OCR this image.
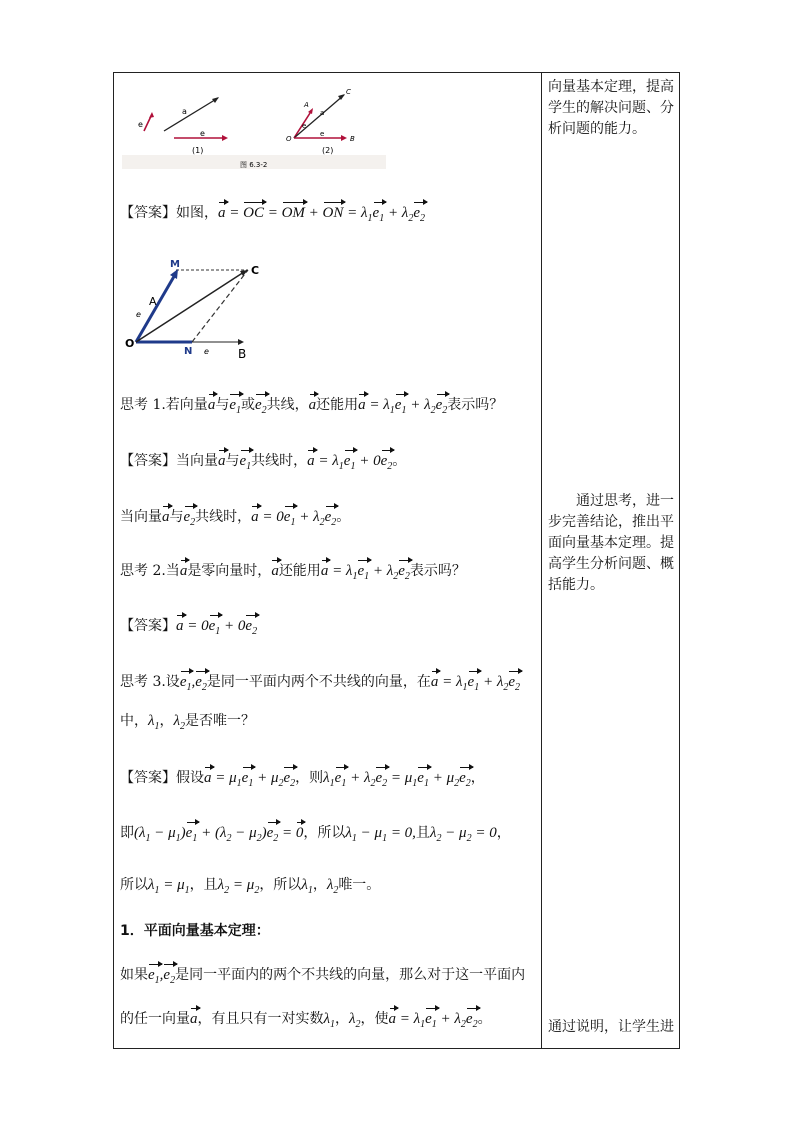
e
a
e
(1)
A
C
O	B
a
e
e
(2)
图 6.3-2
【答案】如图，a = OC = OM + ON = $\lambda_1e_1 + \lambda_2e_2$
M	C
A
e
O
N e B
思考 1.若向量a与$e_1$或$e_2$共线，a还能用$a = \lambda_1e_1 + \lambda_2e_2$表示吗？
【答案】当向量a与$e_1$共线时，$a = \lambda_1e_1 + 0e_2$。
当向量a与$e_2$共线时，$a = 0e_1 + \lambda_2e_2$。
思考 2.当a是零向量时，a还能用$a = \lambda_1e_1 + \lambda_2e_2$表示吗？
【答案】$a = 0e_1 + 0e_2$
思考 3.设$e_1,e_2$是同一平面内两个不共线的向量，在$a = \lambda_1e_1 + \lambda_2e_2$
中，$\lambda_1$，$\lambda_2$是否唯一？
【答案】假设$a = \mu_1e_1 + \mu_2e_2$，则$\lambda_1e_1 + \lambda_2e_2 = \mu_1e_1 + \mu_2e_2$，
即$(\lambda_1 - \mu_1)e_1 + (\lambda_2 - \mu_2)e_2 = 0$，所以$\lambda_1 - \mu_1 = 0$,且$\lambda_2 - \mu_2 = 0$，
所以$\lambda_1 = \mu_1$，且$\lambda_2 = \mu_2$，所以$\lambda_1$，$\lambda_2$唯一。
1．平面向量基本定理：
如果$e_1,e_2$是同一平面内的两个不共线的向量，那么对于这一平面内
的任一向量a，有且只有一对实数$\lambda_1$，$\lambda_2$，使$a = \lambda_1e_1 + \lambda_2e_2$。
向量基本定理，提高学生的解决问题、分析问题的能力。
　　通过思考，进一步完善结论，推出平面向量基本定理。提高学生分析问题、概括能力。
通过说明，让学生进
